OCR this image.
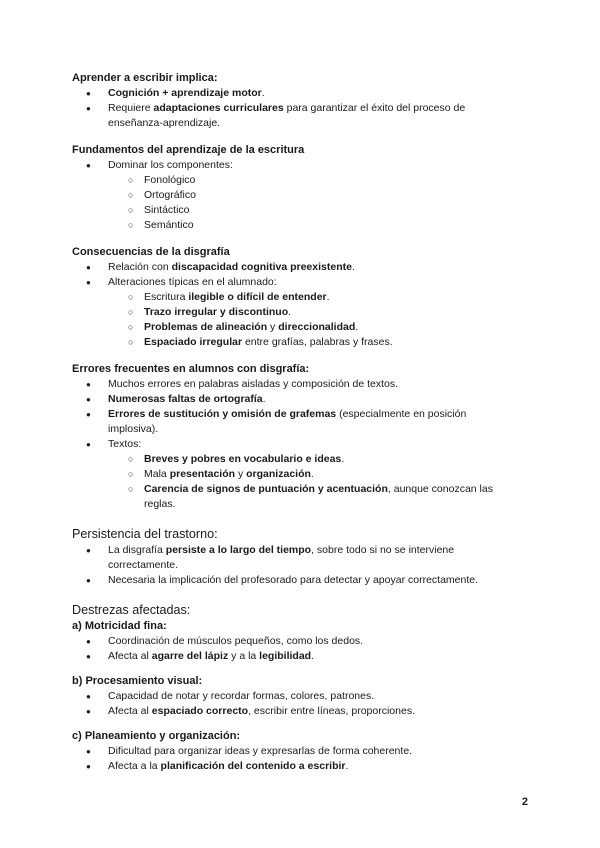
Aprender a escribir implica:

● Cognición + aprendizaje motor.
● Requiere adaptaciones curriculares para garantizar el éxito del proceso de
enseñanza-aprendizaje.

Fundamentos del aprendizaje de la escritura

● Dominar los componentes:
○ Fonológico
○ Ortográfico
○ Sintáctico
○ Semántico

Consecuencias de la disgrafía

● Relación con discapacidad cognitiva preexistente.
● Alteraciones típicas en el alumnado:
○ Escritura ilegible o difícil de entender.
○ Trazo irregular y discontinuo.
○ Problemas de alineación y direccionalidad.
○ Espaciado irregular entre grafías, palabras y frases.

Errores frecuentes en alumnos con disgrafía:

● Muchos errores en palabras aisladas y composición de textos.
● Numerosas faltas de ortografía.
● Errores de sustitución y omisión de grafemas (especialmente en posición
implosiva).
● Textos:
○ Breves y pobres en vocabulario e ideas.
○ Mala presentación y organización.
○ Carencia de signos de puntuación y acentuación, aunque conozcan las
reglas.

Persistencia del trastorno:

● La disgrafía persiste a lo largo del tiempo, sobre todo si no se interviene
correctamente.
● Necesaria la implicación del profesorado para detectar y apoyar correctamente.

Destrezas afectadas:

a) Motricidad fina:

● Coordinación de músculos pequeños, como los dedos.
● Afecta al agarre del lápiz y a la legibilidad.

b) Procesamiento visual:

● Capacidad de notar y recordar formas, colores, patrones.
● Afecta al espaciado correcto, escribir entre líneas, proporciones.

c) Planeamiento y organización:

● Dificultad para organizar ideas y expresarlas de forma coherente.
● Afecta a la planificación del contenido a escribir.
2
